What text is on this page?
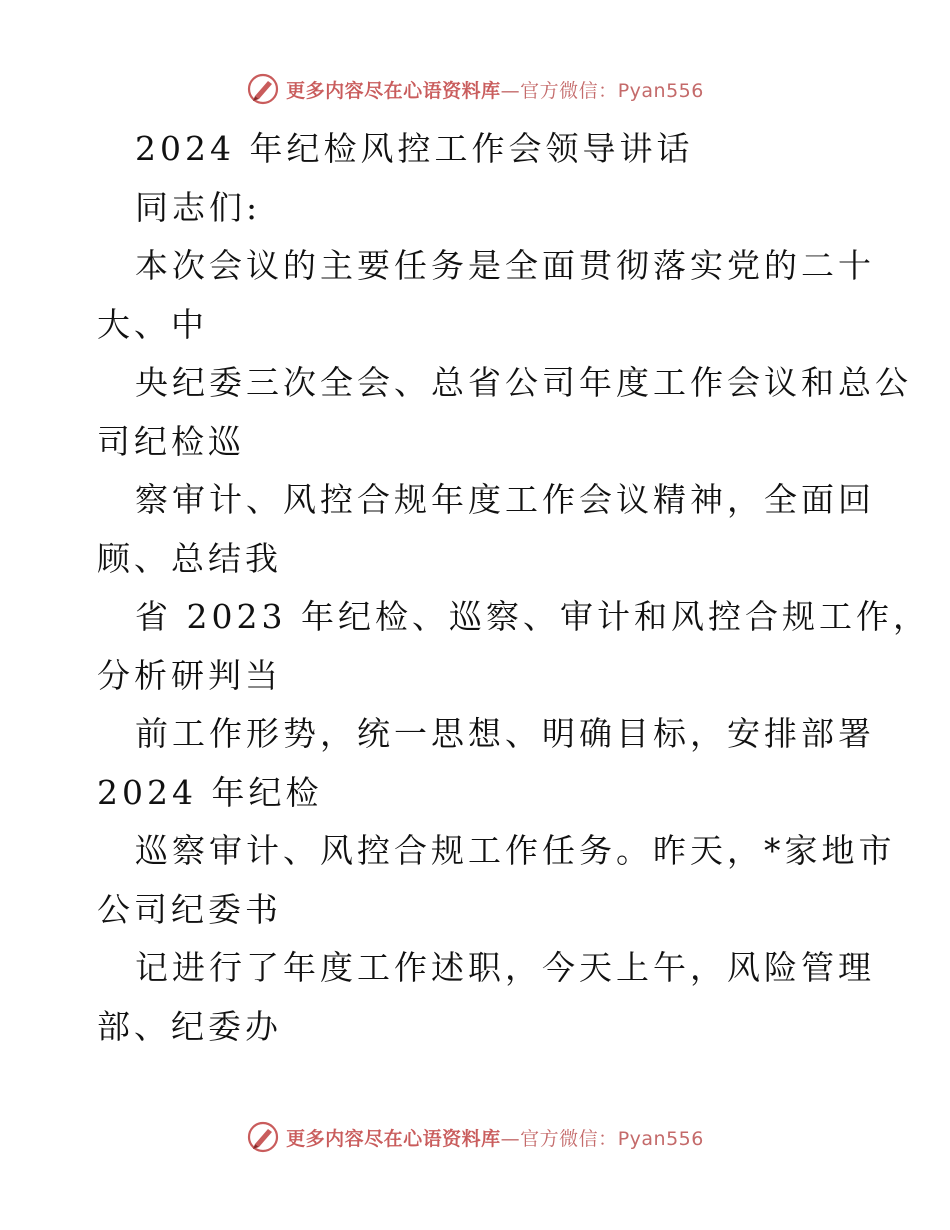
更多内容尽在心语资料库—官方微信：Pyan556
2024 年纪检风控工作会领导讲话
同志们:
本次会议的主要任务是全面贯彻落实党的二十
大、中
央纪委三次全会、总省公司年度工作会议和总公
司纪检巡
察审计、风控合规年度工作会议精神，全面回
顾、总结我
省 2023 年纪检、巡察、审计和风控合规工作，
分析研判当
前工作形势，统一思想、明确目标，安排部署
2024 年纪检
巡察审计、风控合规工作任务。昨天，*家地市
公司纪委书
记进行了年度工作述职，今天上午，风险管理
部、纪委办
更多内容尽在心语资料库—官方微信：Pyan556
